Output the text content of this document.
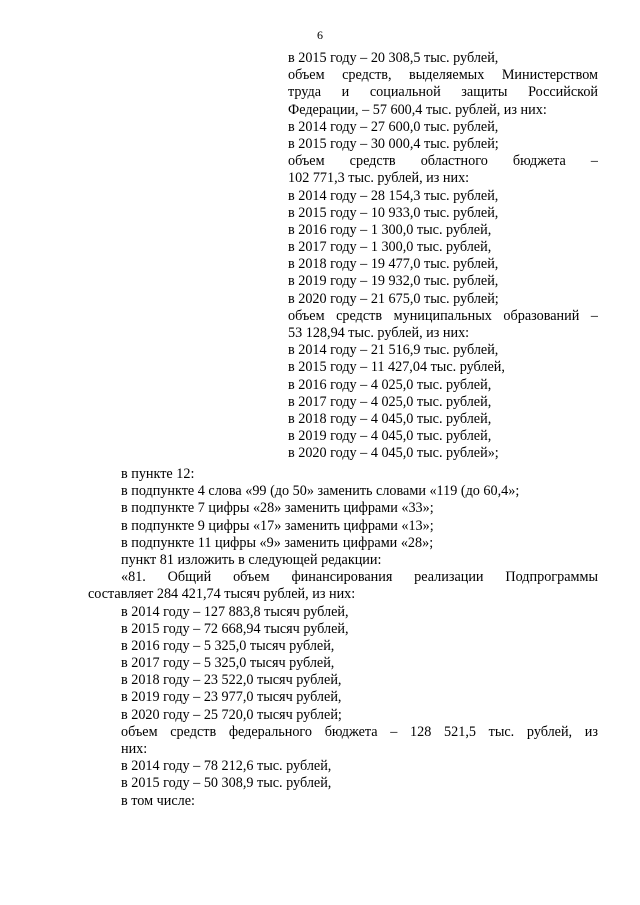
6
в 2015 году – 20 308,5 тыс. рублей,
объем средств, выделяемых Министерством
труда и социальной защиты Российской
Федерации, – 57 600,4 тыс. рублей, из них:
в 2014 году – 27 600,0 тыс. рублей,
в 2015 году – 30 000,4 тыс. рублей;
объем средств областного бюджета –
102 771,3 тыс. рублей, из них:
в 2014 году – 28 154,3 тыс. рублей,
в 2015 году – 10 933,0 тыс. рублей,
в 2016 году – 1 300,0 тыс. рублей,
в 2017 году – 1 300,0 тыс. рублей,
в 2018 году – 19 477,0 тыс. рублей,
в 2019 году – 19 932,0 тыс. рублей,
в 2020 году – 21 675,0 тыс. рублей;
объем средств муниципальных образований –
53 128,94 тыс. рублей, из них:
в 2014 году – 21 516,9 тыс. рублей,
в 2015 году – 11 427,04 тыс. рублей,
в 2016 году – 4 025,0 тыс. рублей,
в 2017 году – 4 025,0 тыс. рублей,
в 2018 году – 4 045,0 тыс. рублей,
в 2019 году – 4 045,0 тыс. рублей,
в 2020 году – 4 045,0 тыс. рублей»;
в пункте 12:
в подпункте 4 слова «99 (до 50» заменить словами «119 (до 60,4»;
в подпункте 7 цифры «28» заменить цифрами «33»;
в подпункте 9 цифры «17» заменить цифрами «13»;
в подпункте 11 цифры «9» заменить цифрами «28»;
пункт 81 изложить в следующей редакции:
«81. Общий объем финансирования реализации Подпрограммы
составляет 284 421,74 тысяч рублей, из них:
в 2014 году – 127 883,8 тысяч рублей,
в 2015 году – 72 668,94 тысяч рублей,
в 2016 году – 5 325,0 тысяч рублей,
в 2017 году – 5 325,0 тысяч рублей,
в 2018 году – 23 522,0 тысяч рублей,
в 2019 году – 23 977,0 тысяч рублей,
в 2020 году – 25 720,0 тысяч рублей;
объем средств федерального бюджета – 128 521,5 тыс. рублей, из
них:
в 2014 году – 78 212,6 тыс. рублей,
в 2015 году – 50 308,9 тыс. рублей,
в том числе:
